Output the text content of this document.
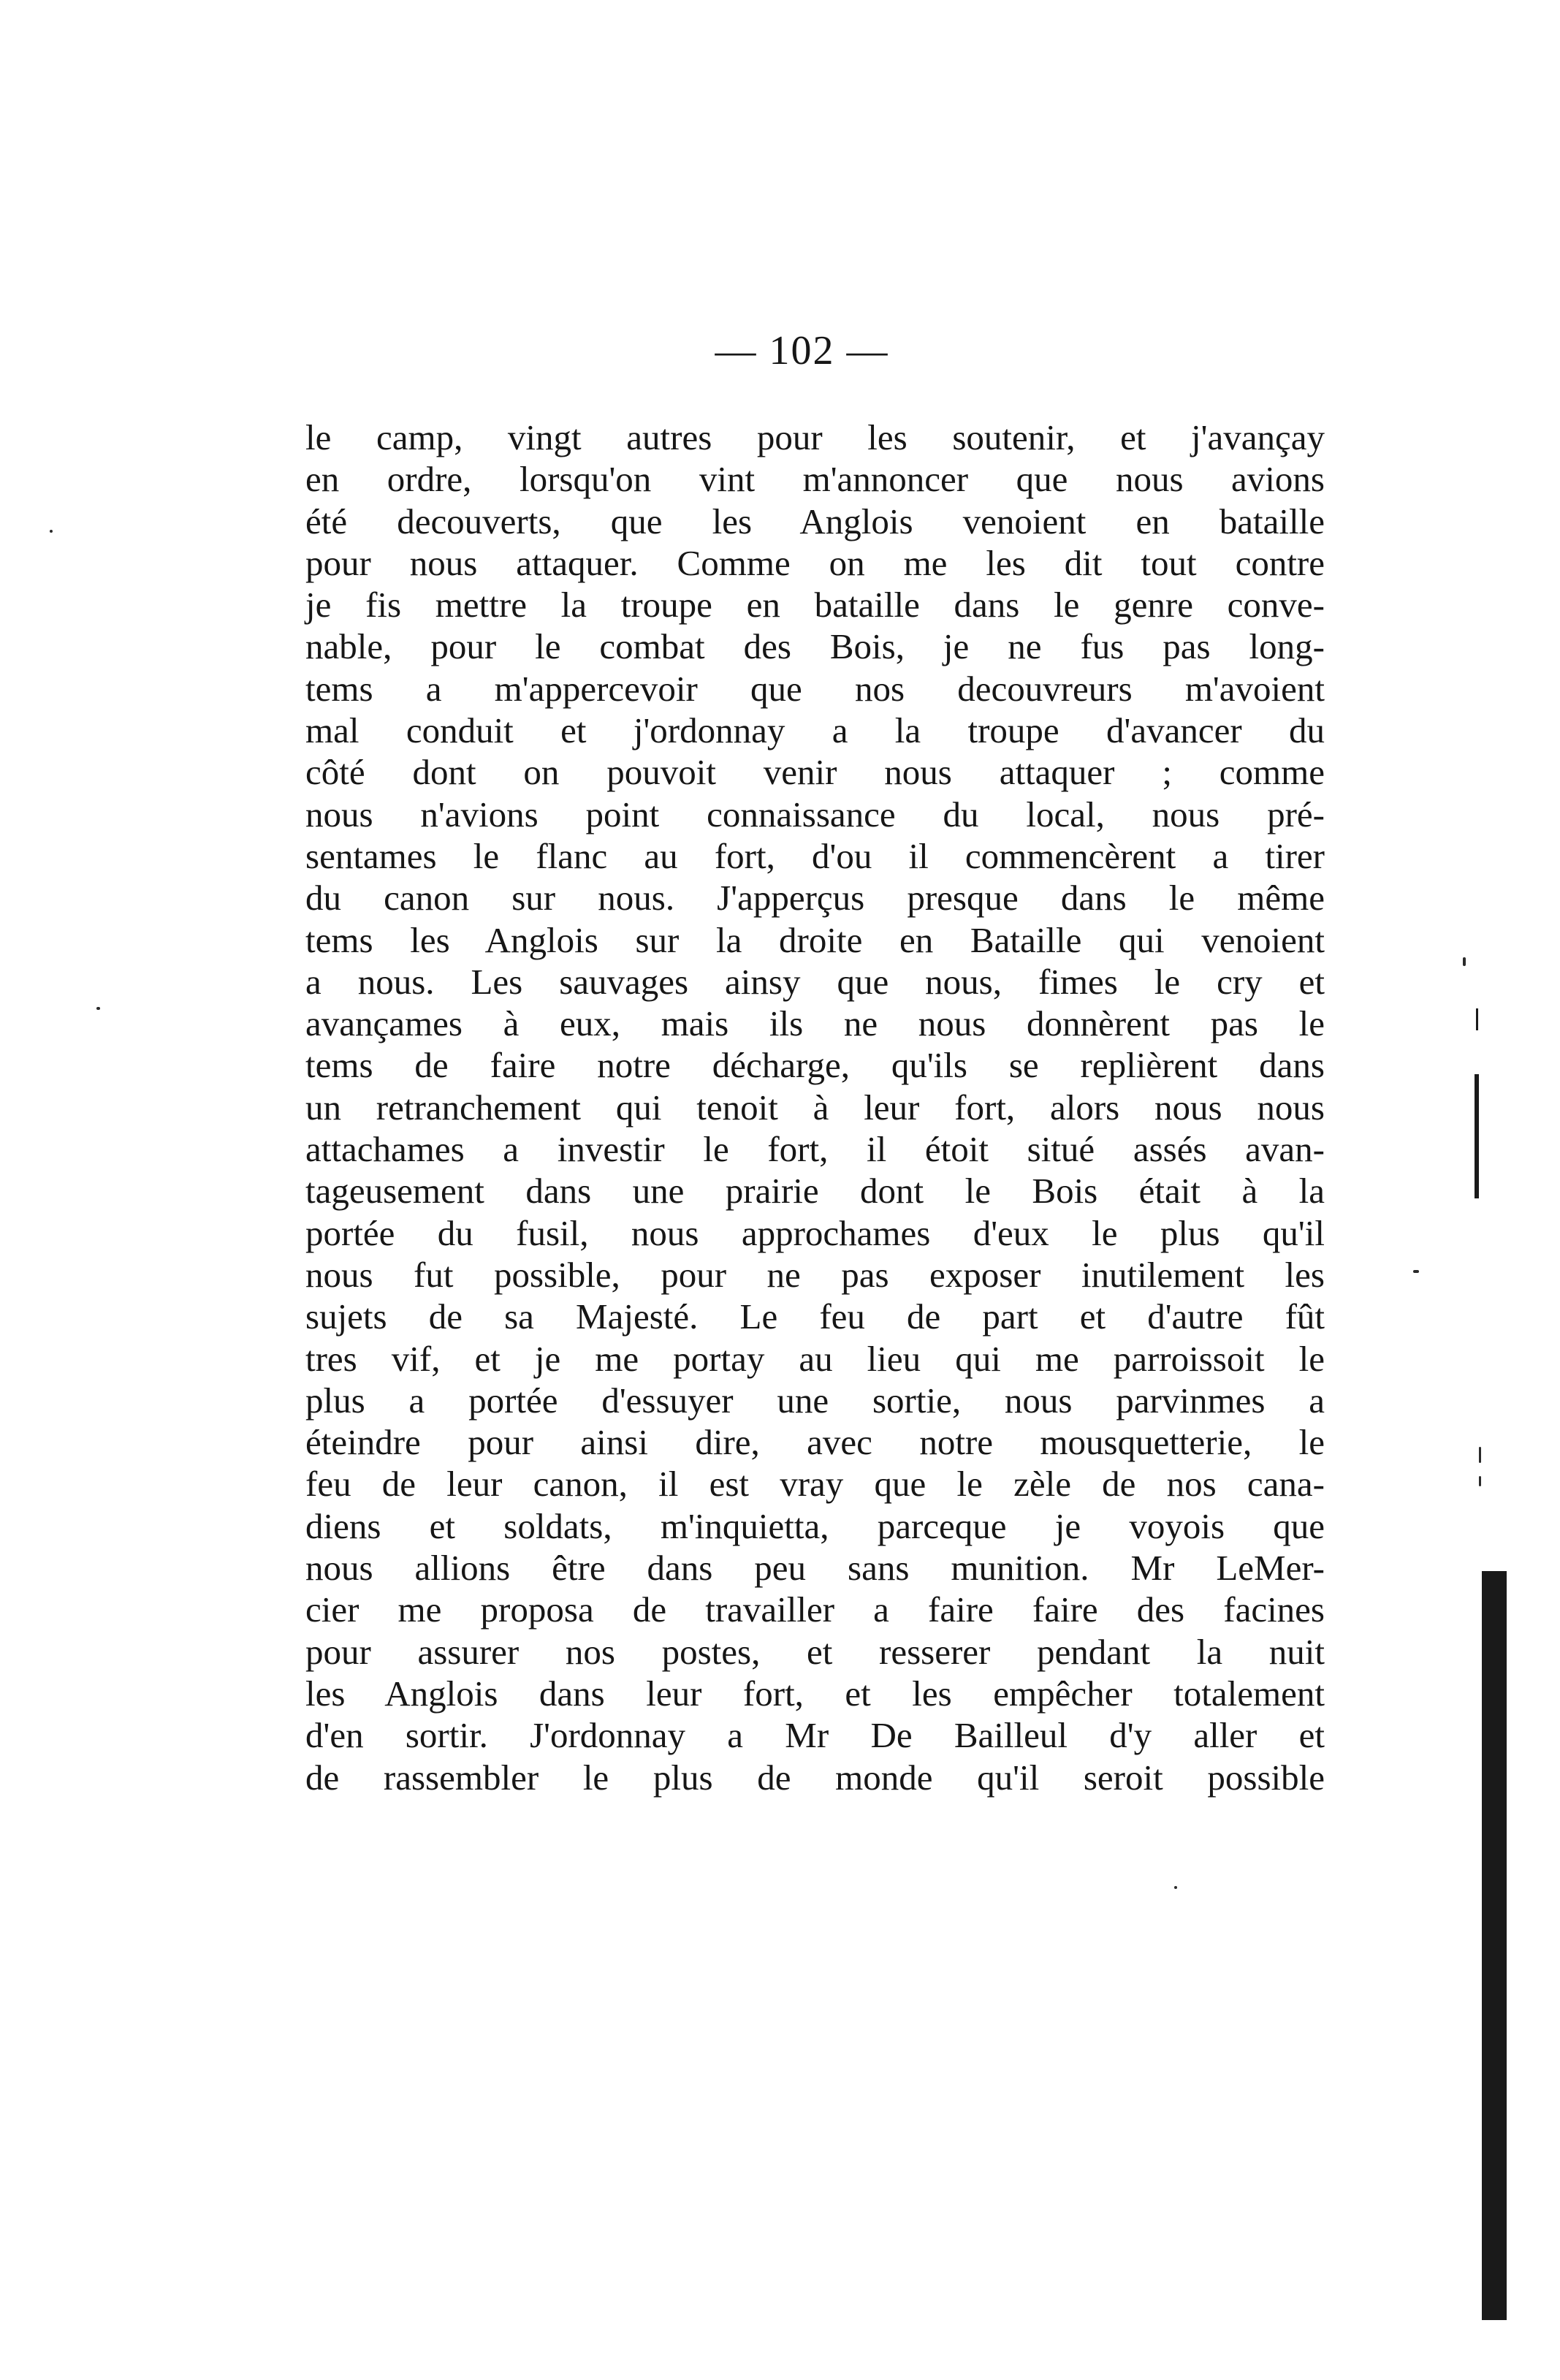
— 102 —
le camp, vingt autres pour les soutenir, et j'avançay
en ordre, lorsqu'on vint m'annoncer que nous avions
été decouverts, que les Anglois venoient en bataille
pour nous attaquer. Comme on me les dit tout contre
je fis mettre la troupe en bataille dans le genre conve-
nable, pour le combat des Bois, je ne fus pas long-
tems a m'appercevoir que nos decouvreurs m'avoient
mal conduit et j'ordonnay a la troupe d'avancer du
côté dont on pouvoit venir nous attaquer ; comme
nous n'avions point connaissance du local, nous pré-
sentames le flanc au fort, d'ou il commencèrent a tirer
du canon sur nous. J'apperçus presque dans le même
tems les Anglois sur la droite en Bataille qui venoient
a nous. Les sauvages ainsy que nous, fimes le cry et
avançames à eux, mais ils ne nous donnèrent pas le
tems de faire notre décharge, qu'ils se replièrent dans
un retranchement qui tenoit à leur fort, alors nous nous
attachames a investir le fort, il étoit situé assés avan-
tageusement dans une prairie dont le Bois était à la
portée du fusil, nous approchames d'eux le plus qu'il
nous fut possible, pour ne pas exposer inutilement les
sujets de sa Majesté. Le feu de part et d'autre fût
tres vif, et je me portay au lieu qui me parroissoit le
plus a portée d'essuyer une sortie, nous parvinmes a
éteindre pour ainsi dire, avec notre mousquetterie, le
feu de leur canon, il est vray que le zèle de nos cana-
diens et soldats, m'inquietta, parceque je voyois que
nous allions être dans peu sans munition. Mr LeMer-
cier me proposa de travailler a faire faire des facines
pour assurer nos postes, et resserer pendant la nuit
les Anglois dans leur fort, et les empêcher totalement
d'en sortir. J'ordonnay a Mr De Bailleul d'y aller et
de rassembler le plus de monde qu'il seroit possible
